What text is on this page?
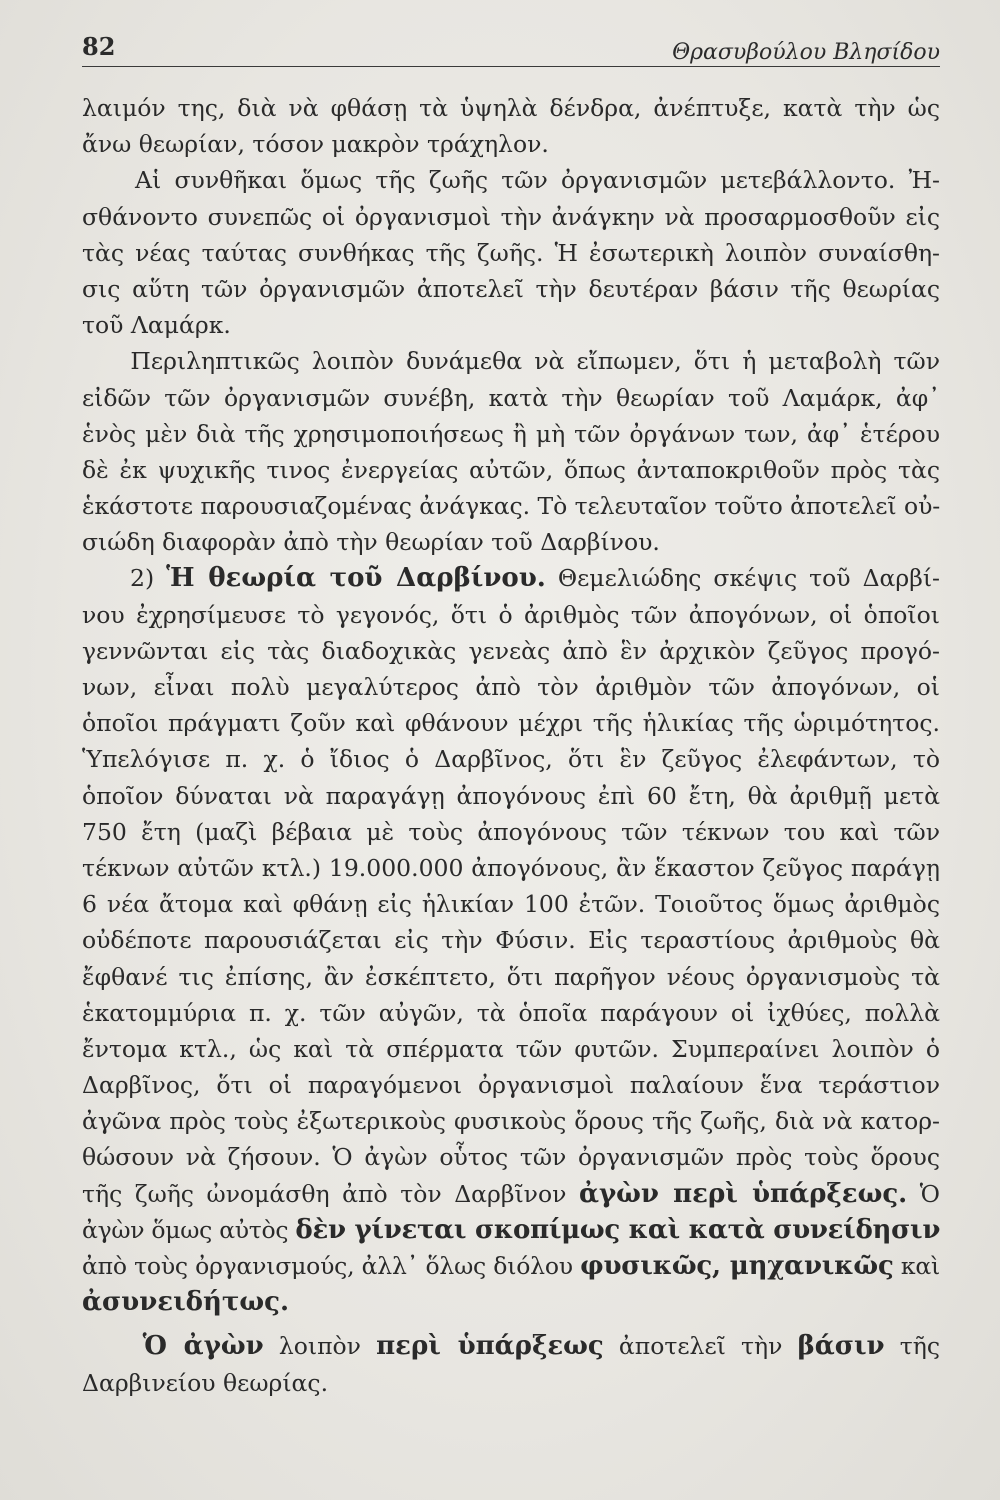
82	Θρασυβούλου Βλησίδου
λαιμόν της, διὰ νὰ φθάσῃ τὰ ὑψηλὰ δένδρα, ἀνέπτυξε, κατὰ τὴν ὡς
ἄνω θεωρίαν, τόσον μακρὸν τράχηλον.
Αἱ συνθῆκαι ὅμως τῆς ζωῆς τῶν ὀργανισμῶν μετεβάλλοντο. Ἠ-
σθάνοντο συνεπῶς οἱ ὀργανισμοὶ τὴν ἀνάγκην νὰ προσαρμοσθοῦν εἰς
τὰς νέας ταύτας συνθήκας τῆς ζωῆς. Ἡ ἐσωτερικὴ λοιπὸν συναίσθη-
σις αὕτη τῶν ὀργανισμῶν ἀποτελεῖ τὴν δευτέραν βάσιν τῆς θεωρίας
τοῦ Λαμάρκ.
Περιληπτικῶς λοιπὸν δυνάμεθα νὰ εἴπωμεν, ὅτι ἡ μεταβολὴ τῶν
εἰδῶν τῶν ὀργανισμῶν συνέβη, κατὰ τὴν θεωρίαν τοῦ Λαμάρκ, ἀφ᾽
ἑνὸς μὲν διὰ τῆς χρησιμοποιήσεως ἢ μὴ τῶν ὀργάνων των, ἀφ᾽ ἑτέρου
δὲ ἐκ ψυχικῆς τινος ἐνεργείας αὐτῶν, ὅπως ἀνταποκριθοῦν πρὸς τὰς
ἑκάστοτε παρουσιαζομένας ἀνάγκας. Τὸ τελευταῖον τοῦτο ἀποτελεῖ οὐ-
σιώδη διαφορὰν ἀπὸ τὴν θεωρίαν τοῦ Δαρβίνου.
2) Ἡ θεωρία τοῦ Δαρβίνου. Θεμελιώδης σκέψις τοῦ Δαρβί-
νου ἐχρησίμευσε τὸ γεγονός, ὅτι ὁ ἀριθμὸς τῶν ἀπογόνων, οἱ ὁποῖοι
γεννῶνται εἰς τὰς διαδοχικὰς γενεὰς ἀπὸ ἓν ἀρχικὸν ζεῦγος προγό-
νων, εἶναι πολὺ μεγαλύτερος ἀπὸ τὸν ἀριθμὸν τῶν ἀπογόνων, οἱ
ὁποῖοι πράγματι ζοῦν καὶ φθάνουν μέχρι τῆς ἡλικίας τῆς ὡριμότητος.
Ὑπελόγισε π. χ. ὁ ἴδιος ὁ Δαρβῖνος, ὅτι ἓν ζεῦγος ἐλεφάντων, τὸ
ὁποῖον δύναται νὰ παραγάγῃ ἀπογόνους ἐπὶ 60 ἔτη, θὰ ἀριθμῇ μετὰ
750 ἔτη (μαζὶ βέβαια μὲ τοὺς ἀπογόνους τῶν τέκνων του καὶ τῶν
τέκνων αὐτῶν κτλ.) 19.000.000 ἀπογόνους, ἂν ἕκαστον ζεῦγος παράγῃ
6 νέα ἄτομα καὶ φθάνῃ εἰς ἡλικίαν 100 ἐτῶν. Τοιοῦτος ὅμως ἀριθμὸς
οὐδέποτε παρουσιάζεται εἰς τὴν Φύσιν. Εἰς τεραστίους ἀριθμοὺς θὰ
ἔφθανέ τις ἐπίσης, ἂν ἐσκέπτετο, ὅτι παρῆγον νέους ὀργανισμοὺς τὰ
ἑκατομμύρια π. χ. τῶν αὐγῶν, τὰ ὁποῖα παράγουν οἱ ἰχθύες, πολλὰ
ἔντομα κτλ., ὡς καὶ τὰ σπέρματα τῶν φυτῶν. Συμπεραίνει λοιπὸν ὁ
Δαρβῖνος, ὅτι οἱ παραγόμενοι ὀργανισμοὶ παλαίουν ἕνα τεράστιον
ἀγῶνα πρὸς τοὺς ἐξωτερικοὺς φυσικοὺς ὅρους τῆς ζωῆς, διὰ νὰ κατορ-
θώσουν νὰ ζήσουν. Ὁ ἀγὼν οὗτος τῶν ὀργανισμῶν πρὸς τοὺς ὅρους
τῆς ζωῆς ὠνομάσθη ἀπὸ τὸν Δαρβῖνον ἀγὼν περὶ ὑπάρξεως. Ὁ
ἀγὼν ὅμως αὐτὸς δὲν γίνεται σκοπίμως καὶ κατὰ συνείδησιν
ἀπὸ τοὺς ὀργανισμούς, ἀλλ᾽ ὅλως διόλου φυσικῶς, μηχανικῶς καὶ
ἀσυνειδήτως.
Ὁ ἀγὼν λοιπὸν περὶ ὑπάρξεως ἀποτελεῖ τὴν βάσιν τῆς
Δαρβινείου θεωρίας.
